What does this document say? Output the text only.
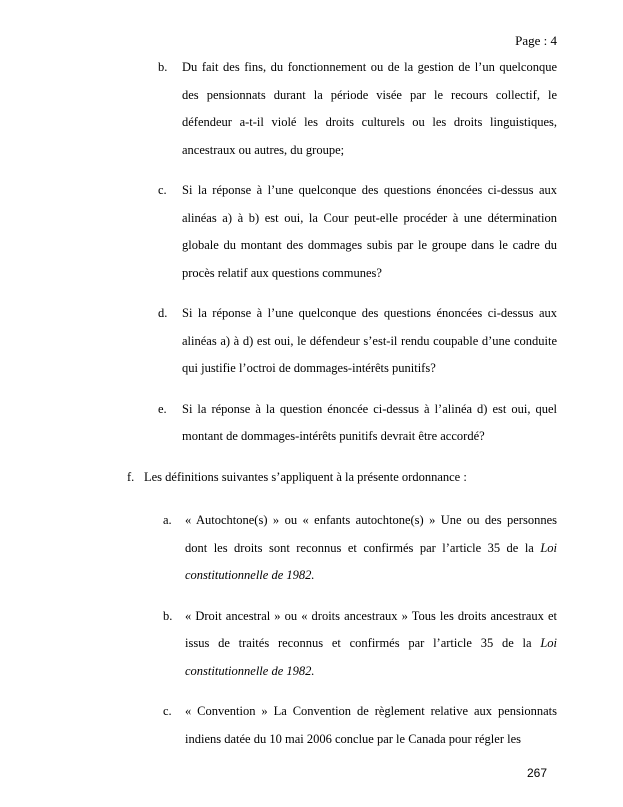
Page : 4
b.	Du fait des fins, du fonctionnement ou de la gestion de l’un quelconque des pensionnats durant la période visée par le recours collectif, le défendeur a-t-il violé les droits culturels ou les droits linguistiques, ancestraux ou autres, du groupe;

c.	Si la réponse à l’une quelconque des questions énoncées ci-dessus aux alinéas a) à b) est oui, la Cour peut-elle procéder à une détermination globale du montant des dommages subis par le groupe dans le cadre du procès relatif aux questions communes?

d.	Si la réponse à l’une quelconque des questions énoncées ci-dessus aux alinéas a) à d) est oui, le défendeur s’est-il rendu coupable d’une conduite qui justifie l’octroi de dommages-intérêts punitifs?

e.	Si la réponse à la question énoncée ci-dessus à l’alinéa d) est oui, quel montant de dommages-intérêts punitifs devrait être accordé?

f. Les définitions suivantes s’appliquent à la présente ordonnance :

a.	« Autochtone(s) » ou « enfants autochtone(s) » Une ou des personnes dont les droits sont reconnus et confirmés par l’article 35 de la Loi constitutionnelle de 1982.

b.	« Droit ancestral » ou « droits ancestraux » Tous les droits ancestraux et issus de traités reconnus et confirmés par l’article 35 de la Loi constitutionnelle de 1982.

c.	« Convention » La Convention de règlement relative aux pensionnats indiens datée du 10 mai 2006 conclue par le Canada pour régler les

267
